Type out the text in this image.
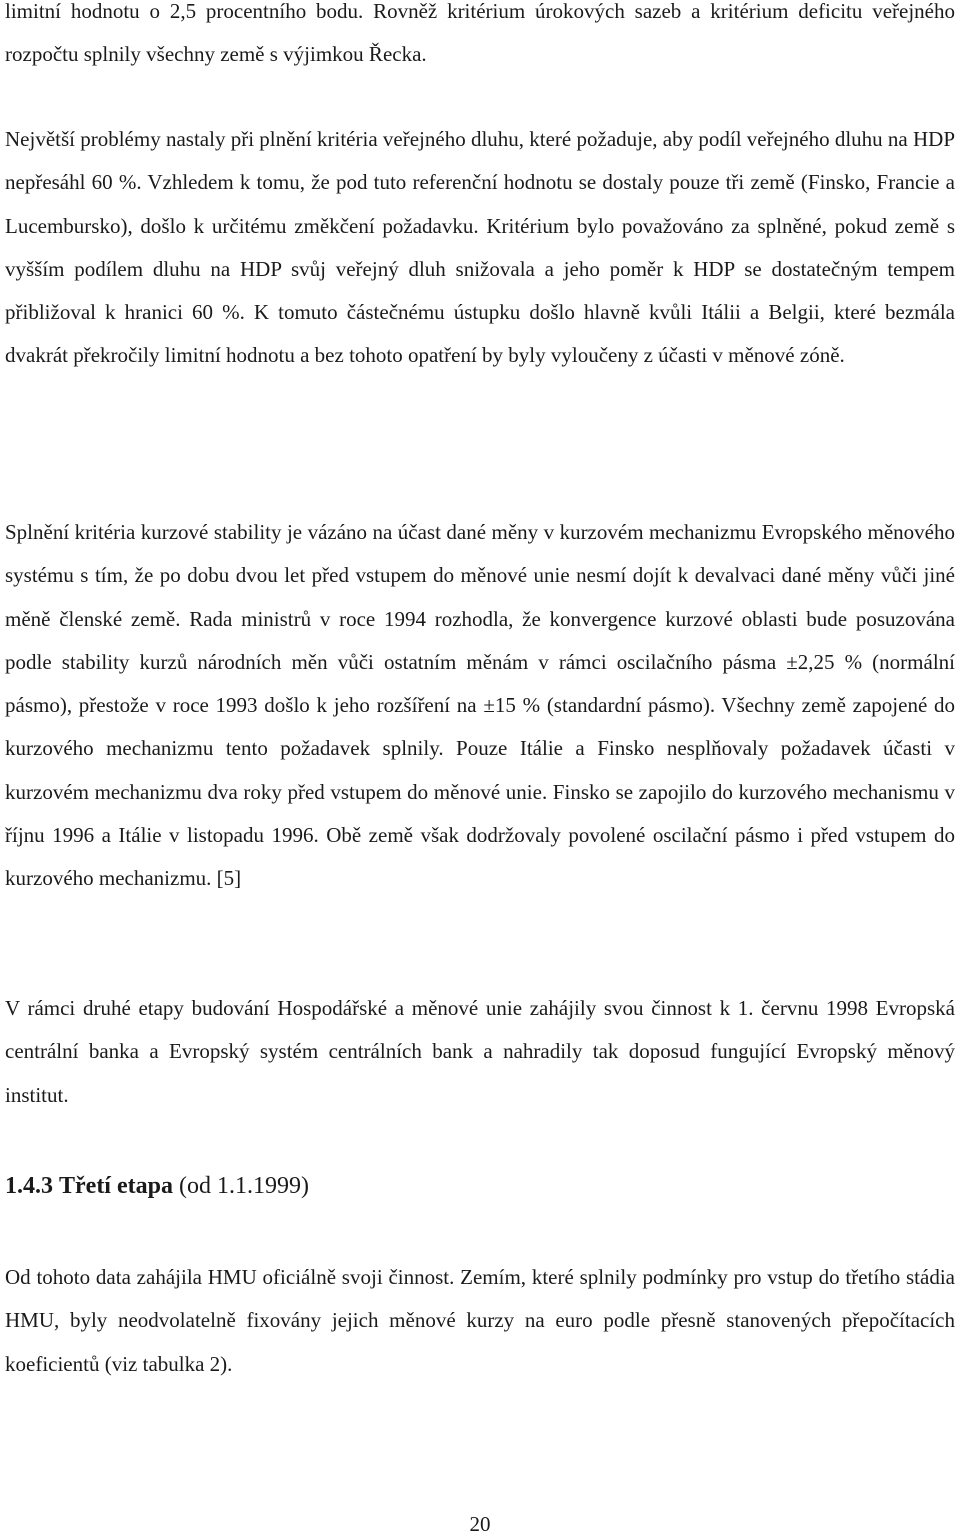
limitní hodnotu o 2,5 procentního bodu. Rovněž kritérium úrokových sazeb a kritérium deficitu veřejného rozpočtu splnily všechny země s výjimkou Řecka.

Největší problémy nastaly při plnění kritéria veřejného dluhu, které požaduje, aby podíl veřejného dluhu na HDP nepřesáhl 60 %. Vzhledem k tomu, že pod tuto referenční hodnotu se dostaly pouze tři země (Finsko, Francie a Lucembursko), došlo k určitému změkčení požadavku. Kritérium bylo považováno za splněné, pokud země s vyšším podílem dluhu na HDP svůj veřejný dluh snižovala a jeho poměr k HDP se dostatečným tempem přibližoval k hranici 60 %. K tomuto částečnému ústupku došlo hlavně kvůli Itálii a Belgii, které bezmála dvakrát překročily limitní hodnotu a bez tohoto opatření by byly vyloučeny z účasti v měnové zóně.

Splnění kritéria kurzové stability je vázáno na účast dané měny v kurzovém mechanizmu Evropského měnového systému s tím, že po dobu dvou let před vstupem do měnové unie nesmí dojít k devalvaci dané měny vůči jiné měně členské země. Rada ministrů v roce 1994 rozhodla, že konvergence kurzové oblasti bude posuzována podle stability kurzů národních měn vůči ostatním měnám v rámci oscilačního pásma ±2,25 % (normální pásmo), přestože v roce 1993 došlo k jeho rozšíření na ±15 % (standardní pásmo). Všechny země zapojené do kurzového mechanizmu tento požadavek splnily. Pouze Itálie a Finsko nesplňovaly požadavek účasti v kurzovém mechanizmu dva roky před vstupem do měnové unie. Finsko se zapojilo do kurzového mechanismu v říjnu 1996 a Itálie v listopadu 1996. Obě země však dodržovaly povolené oscilační pásmo i před vstupem do kurzového mechanizmu. [5]

V rámci druhé etapy budování Hospodářské a měnové unie zahájily svou činnost k 1. červnu 1998 Evropská centrální banka a Evropský systém centrálních bank a nahradily tak doposud fungující Evropský měnový institut.

1.4.3 Třetí etapa (od 1.1.1999)

Od tohoto data zahájila HMU oficiálně svoji činnost. Zemím, které splnily podmínky pro vstup do třetího stádia HMU, byly neodvolatelně fixovány jejich měnové kurzy na euro podle přesně stanovených přepočítacích koeficientů (viz tabulka 2).

20
